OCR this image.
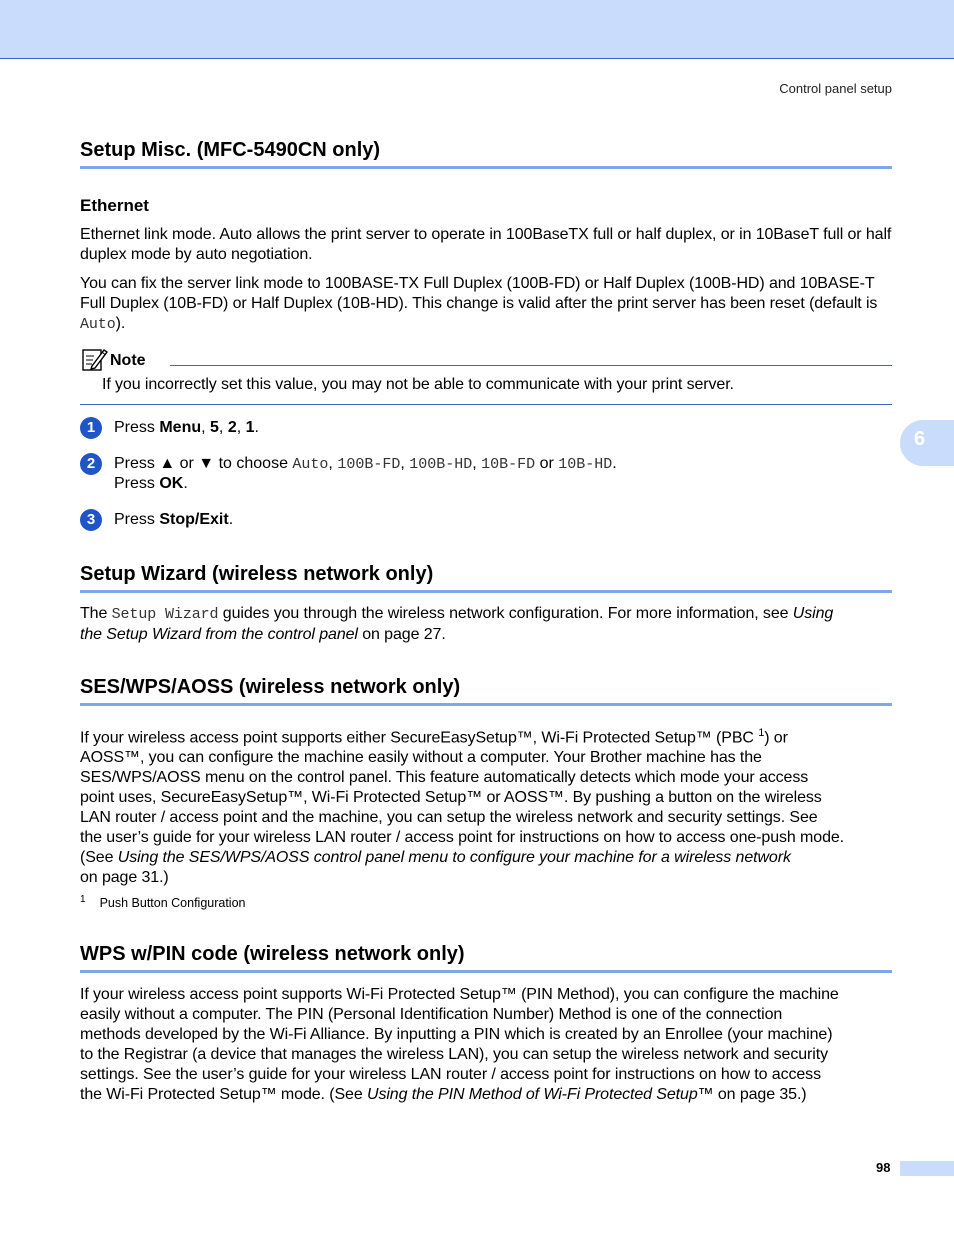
Control panel setup
6
Setup Misc. (MFC-5490CN only)
Ethernet

Ethernet link mode. Auto allows the print server to operate in 100BaseTX full or half duplex, or in 10BaseT full or half duplex mode by auto negotiation.

You can fix the server link mode to 100BASE-TX Full Duplex (100B-FD) or Half Duplex (100B-HD) and 10BASE-T Full Duplex (10B-FD) or Half Duplex (10B-HD). This change is valid after the print server has been reset (default is Auto).

Note

If you incorrectly set this value, you may not be able to communicate with your print server.

1	Press Menu, 5, 2, 1.
2	Press ▲ or ▼ to choose Auto, 100B-FD, 100B-HD, 10B-FD or 10B-HD.
Press OK.
3	Press Stop/Exit.
Setup Wizard (wireless network only)

The Setup Wizard guides you through the wireless network configuration. For more information, see Using
the Setup Wizard from the control panel on page 27.

SES/WPS/AOSS (wireless network only)

If your wireless access point supports either SecureEasySetup™, Wi-Fi Protected Setup™ (PBC $^1$) or
AOSS™, you can configure the machine easily without a computer. Your Brother machine has the
SES/WPS/AOSS menu on the control panel. This feature automatically detects which mode your access
point uses, SecureEasySetup™, Wi-Fi Protected Setup™ or AOSS™. By pushing a button on the wireless
LAN router / access point and the machine, you can setup the wireless network and security settings. See
the user’s guide for your wireless LAN router / access point for instructions on how to access one-push mode.
(See Using the SES/WPS/AOSS control panel menu to configure your machine for a wireless network
on page 31.)

$^1$ Push Button Configuration
WPS w/PIN code (wireless network only)

If your wireless access point supports Wi-Fi Protected Setup™ (PIN Method), you can configure the machine
easily without a computer. The PIN (Personal Identification Number) Method is one of the connection
methods developed by the Wi-Fi Alliance. By inputting a PIN which is created by an Enrollee (your machine)
to the Registrar (a device that manages the wireless LAN), you can setup the wireless network and security
settings. See the user’s guide for your wireless LAN router / access point for instructions on how to access
the Wi-Fi Protected Setup™ mode. (See Using the PIN Method of Wi-Fi Protected Setup™ on page 35.)

98
